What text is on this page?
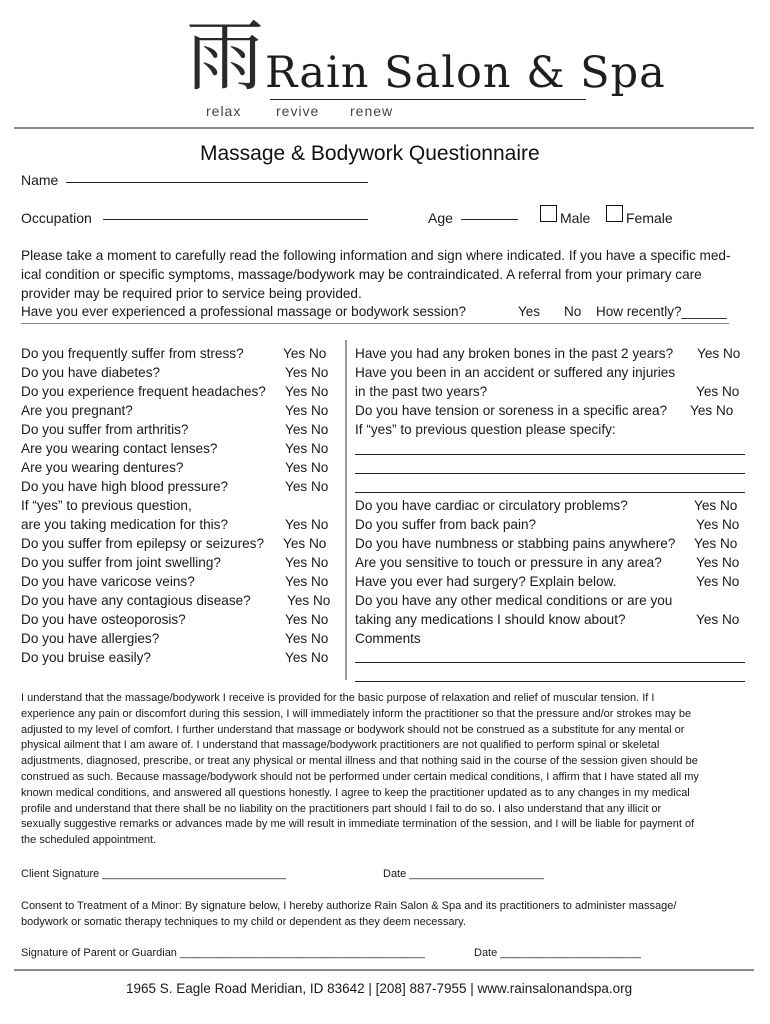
雨 Rain Salon & Spa
relax revive renew
Massage & Bodywork Questionnaire
Name
Occupation	Age	Male	Female

Please take a moment to carefully read the following information and sign where indicated. If you have a specific med-

ical condition or specific symptoms, massage/bodywork may be contraindicated. A referral from your primary care

provider may be required prior to service being provided.

Have you ever experienced a professional massage or bodywork session?	Yes No How recently?______
Do you frequently suffer from stress?	Yes No
Do you have diabetes?	Yes No
Do you experience frequent headaches? Yes No
Are you pregnant?	Yes No
Do you suffer from arthritis?	Yes No
Are you wearing contact lenses?	Yes No
Are you wearing dentures?	Yes No
Do you have high blood pressure?	Yes No
If “yes” to previous question,
are you taking medication for this?	Yes No
Do you suffer from epilepsy or seizures? Yes No
Do you suffer from joint swelling?	Yes No
Do you have varicose veins?	Yes No
Do you have any contagious disease?	Yes No
Do you have osteoporosis?	Yes No
Do you have allergies?	Yes No
Do you bruise easily?	Yes No
Have you had any broken bones in the past 2 years? Yes No
Have you been in an accident or suffered any injuries
in the past two years?	Yes No
Do you have tension or soreness in a specific area? Yes No
If “yes” to previous question please specify:
Do you have cardiac or circulatory problems?	Yes No
Do you suffer from back pain?	Yes No
Do you have numbness or stabbing pains anywhere? Yes No
Are you sensitive to touch or pressure in any area?	Yes No
Have you ever had surgery? Explain below.	Yes No
Do you have any other medical conditions or are you
taking any medications I should know about?	Yes No
Comments

I understand that the massage/bodywork I receive is provided for the basic purpose of relaxation and relief of muscular tension. If I

experience any pain or discomfort during this session, I will immediately inform the practitioner so that the pressure and/or strokes may be

adjusted to my level of comfort. I further understand that massage or bodywork should not be construed as a substitute for any mental or

physical ailment that I am aware of. I understand that massage/bodywork practitioners are not qualified to perform spinal or skeletal

adjustments, diagnosed, prescribe, or treat any physical or mental illness and that nothing said in the course of the session given should be

construed as such. Because massage/bodywork should not be performed under certain medical conditions, I affirm that I have stated all my

known medical conditions, and answered all questions honestly. I agree to keep the practitioner updated as to any changes in my medical

profile and understand that there shall be no liability on the practitioners part should I fail to do so. I also understand that any illicit or

sexually suggestive remarks or advances made by me will result in immediate termination of the session, and I will be liable for payment of

the scheduled appointment.

Client Signature ______________________________	Date ______________________
Consent to Treatment of a Minor: By signature below, I hereby authorize Rain Salon & Spa and its practitioners to administer massage/
bodywork or somatic therapy techniques to my child or dependent as they deem necessary.
Signature of Parent or Guardian ________________________________________	Date _______________________
1965 S. Eagle Road Meridian, ID 83642 | [208] 887-7955 | www.rainsalonandspa.org
